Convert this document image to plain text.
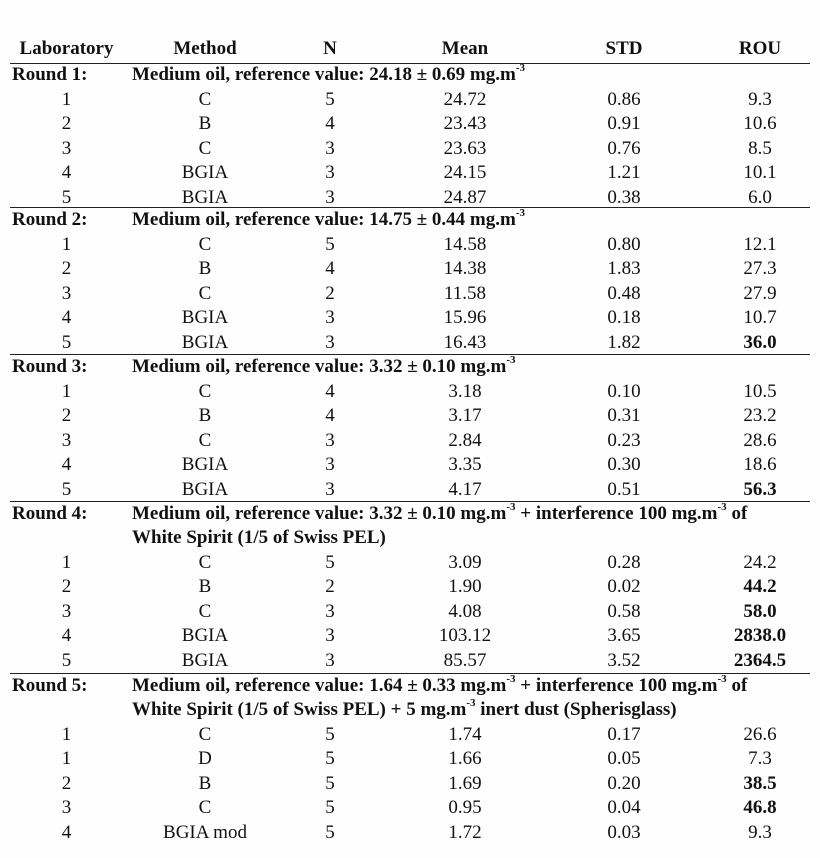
Laboratory	Method	N	Mean	STD	ROU
Round 1: Medium oil, reference value: 24.18 ± 0.69 $mg.m^{-3}$
1	C	5	24.72	0.86	9.3
2	B	4	23.43	0.91	10.6
3	C	3	23.63	0.76	8.5
4	BGIA	3	24.15	1.21	10.1
5	BGIA	3	24.87	0.38	6.0
Round 2: Medium oil, reference value: 14.75 ± 0.44 $mg.m^{-3}$
1	C	5	14.58	0.80	12.1
2	B	4	14.38	1.83	27.3
3	C	2	11.58	0.48	27.9
4	BGIA	3	15.96	0.18	10.7
5	BGIA	3	16.43	1.82	36.0
Round 3: Medium oil, reference value: 3.32 ± 0.10 $mg.m^{-3}$
1	C	4	3.18	0.10	10.5
2	B	4	3.17	0.31	23.2
3	C	3	2.84	0.23	28.6
4	BGIA	3	3.35	0.30	18.6
5	BGIA	3	4.17	0.51	56.3
Round 4: Medium oil, reference value: 3.32 ± 0.10 $mg.m^{-3}$ + interference 100 $mg.m^{-3}$ of
White Spirit (1/5 of Swiss PEL)
1	C	5	3.09	0.28	24.2
2	B	2	1.90	0.02	44.2
3	C	3	4.08	0.58	58.0
4	BGIA	3	103.12	3.65	2838.0
5	BGIA	3	85.57	3.52	2364.5
Round 5: Medium oil, reference value: 1.64 ± 0.33 $mg.m^{-3}$ + interference 100 $mg.m^{-3}$ of
White Spirit (1/5 of Swiss PEL) + 5 $mg.m^{-3}$ inert dust (Spherisglass)
1	C	5	1.74	0.17	26.6
1	D	5	1.66	0.05	7.3
2	B	5	1.69	0.20	38.5
3	C	5	0.95	0.04	46.8
4	BGIA mod	5	1.72	0.03	9.3
